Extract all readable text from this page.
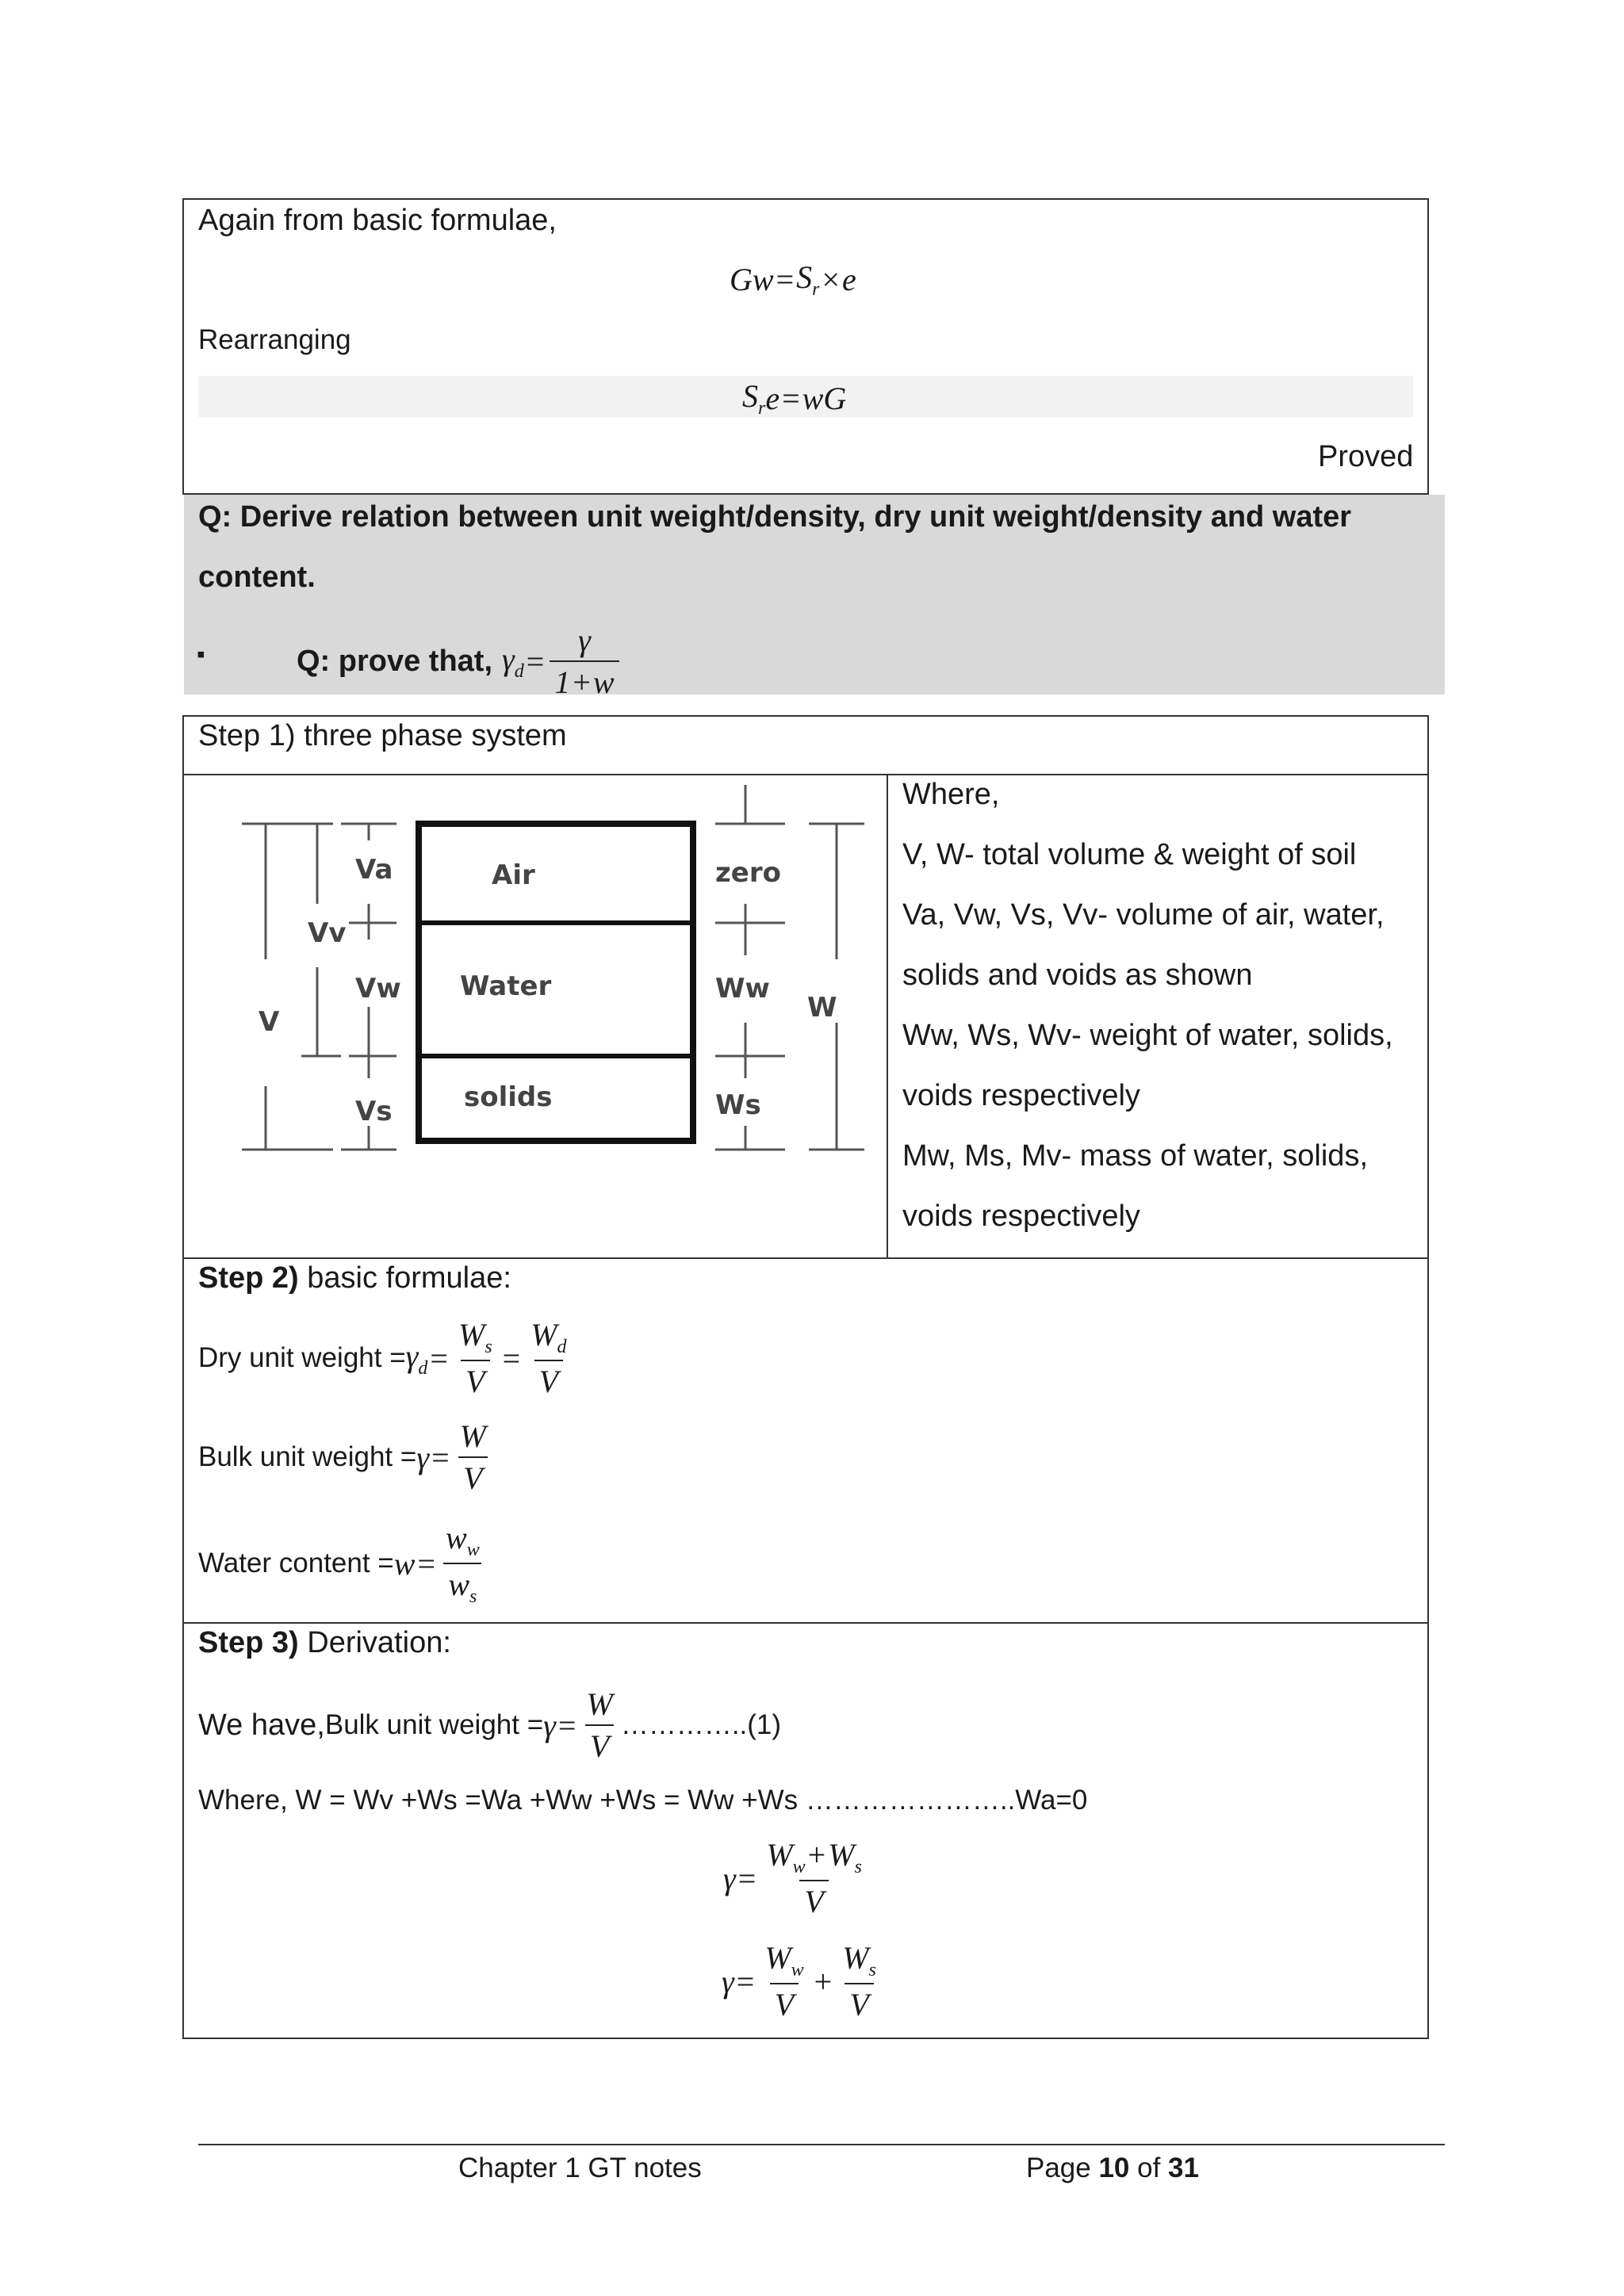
Again from basic formulae,
G $w = S_r \times e$
Rearranging
$S_r$ e = w G
Proved
Q: Derive relation between unit weight/density, dry unit weight/density and water
content.
▪	Q: prove that, $\gamma_d = \frac{\gamma}{1+w}$
Step 1) three phase system
Air
Water
solids
Va
Vv
Vw
V
Vs
zero
Ww
W
Ws
Where,
V, W- total volume & weight of soil
Va, Vw, Vs, Vv- volume of air, water,
solids and voids as shown
Ww, Ws, Wv- weight of water, solids,
voids respectively
Mw, Ms, Mv- mass of water, solids,
voids respectively
Step 2) basic formulae:
Dry unit weight = $\gamma_d = \frac{W_s}{V} = \frac{W_d}{V}$
Bulk unit weight = $\gamma = \frac{W}{V}$
Water content = $w = \frac{w_w}{w_s}$
Step 3) Derivation:
We have, Bulk unit weight = $\gamma = \frac{W}{V}$ …………..(1)
Where, W = Wv +Ws =Wa +Ww +Ws = Ww +Ws …………………..Wa=0
$\gamma = \frac{W_w+W_s}{V}$
$\gamma = \frac{W_w}{V} + \frac{W_s}{V}$
Chapter 1 GT notes	Page 10 of 31
